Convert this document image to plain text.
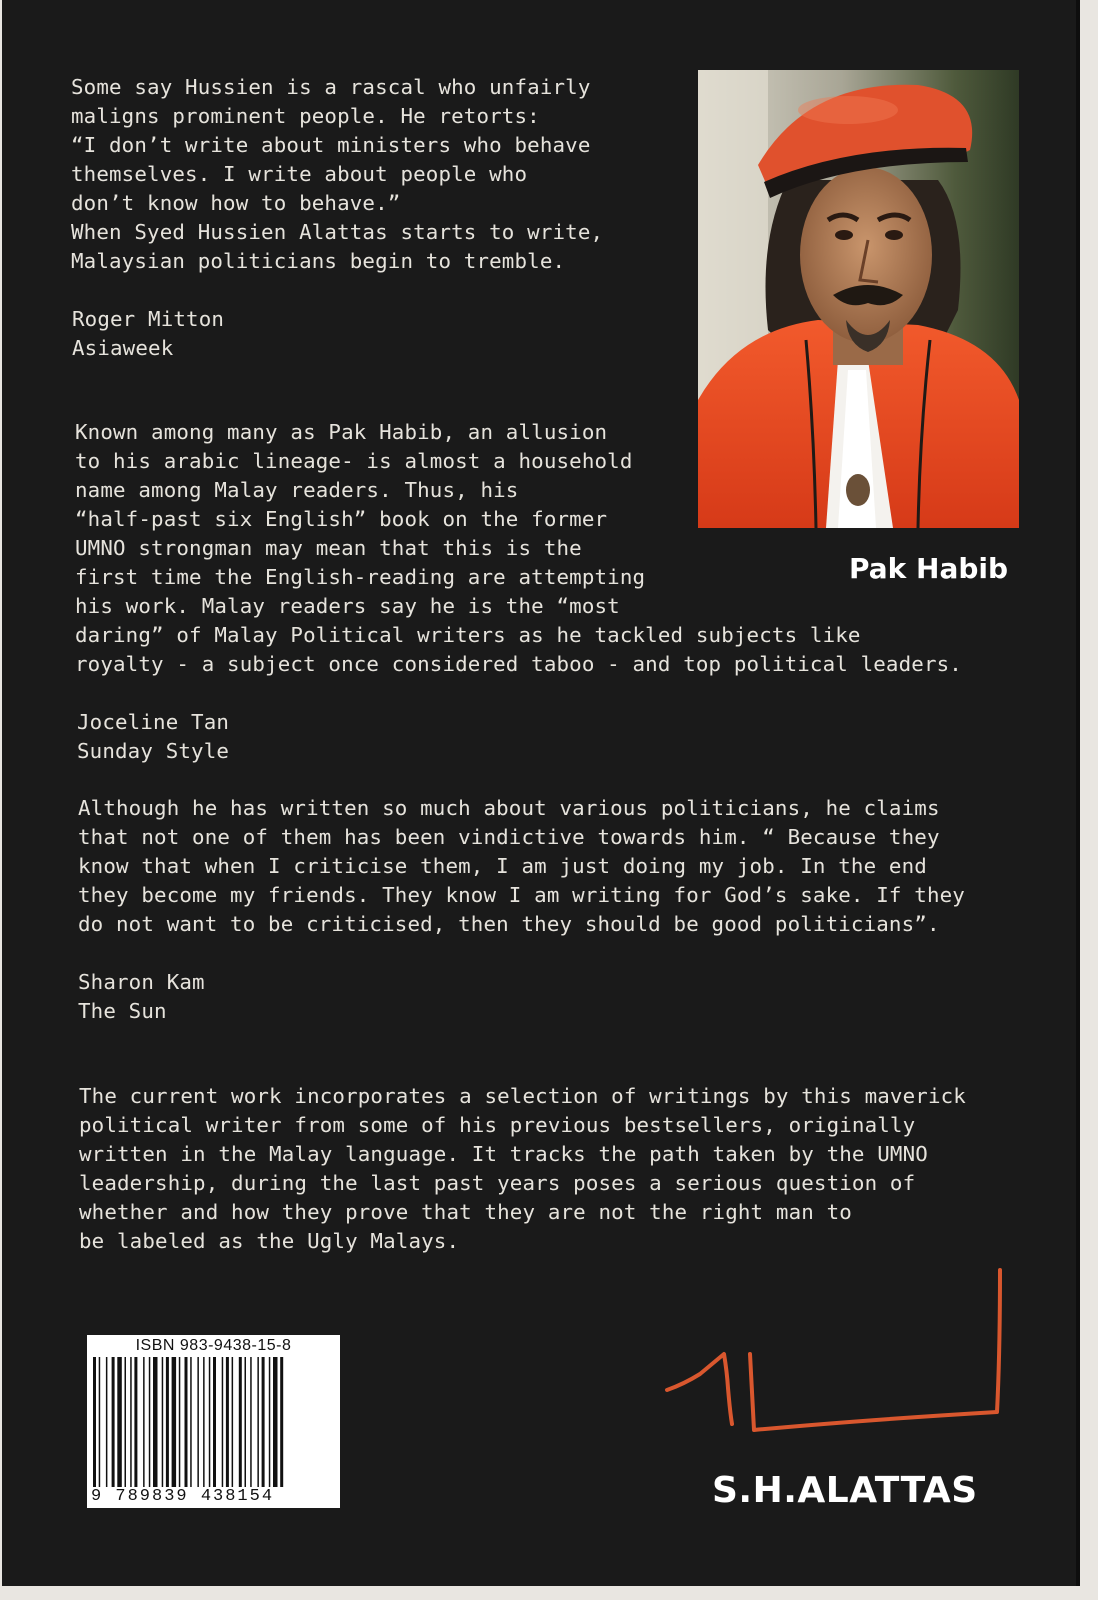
Some say Hussien is a rascal who unfairly
maligns prominent people. He retorts:
“I don’t write about ministers who behave
themselves. I write about people who
don’t know how to behave.”
When Syed Hussien Alattas starts to write,
Malaysian politicians begin to tremble.
Roger Mitton
Asiaweek

Pak Habib

Known among many as Pak Habib, an allusion
to his arabic lineage- is almost a household
name among Malay readers. Thus, his
“half-past six English” book on the former
UMNO strongman may mean that this is the
first time the English-reading are attempting
his work. Malay readers say he is the “most
daring” of Malay Political writers as he tackled subjects like
royalty - a subject once considered taboo - and top political leaders.
Joceline Tan
Sunday Style
Although he has written so much about various politicians, he claims
that not one of them has been vindictive towards him. “ Because they
know that when I criticise them, I am just doing my job. In the end
they become my friends. They know I am writing for God’s sake. If they
do not want to be criticised, then they should be good politicians”.
Sharon Kam
The Sun
The current work incorporates a selection of writings by this maverick
political writer from some of his previous bestsellers, originally
written in the Malay language. It tracks the path taken by the UMNO
leadership, during the last past years poses a serious question of
whether and how they prove that they are not the right man to
be labeled as the Ugly Malays.

ISBN 983-9438-15-8

9 789839 438154	S.H.ALATTAS
